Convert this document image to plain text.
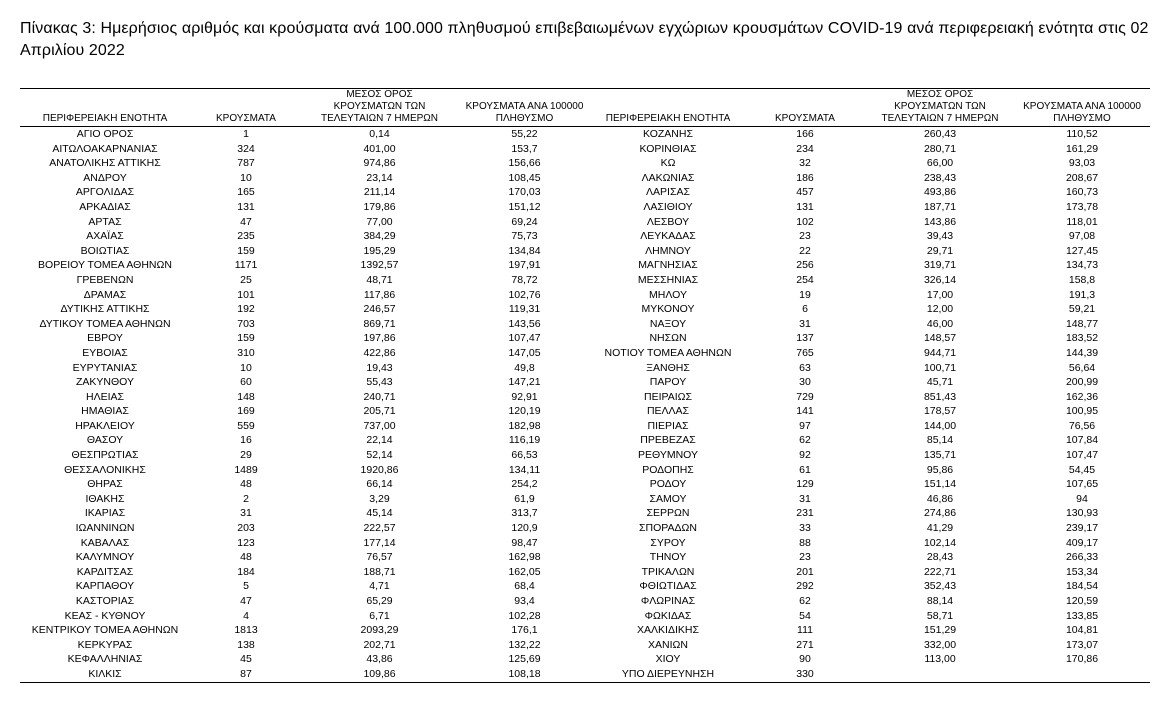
Πίνακας 3: Ημερήσιος αριθμός και κρούσματα ανά 100.000 πληθυσμού επιβεβαιωμένων εγχώριων κρουσμάτων COVID-19 ανά περιφερειακή ενότητα στις 02 Απριλίου 2022
ΠΕΡΙΦΕΡΕΙΑΚΗ ΕΝΟΤΗΤΑ	ΚΡΟΥΣΜΑΤΑ	ΜΕΣΟΣ ΟΡΟΣ
ΚΡΟΥΣΜΑΤΩΝ ΤΩΝ
ΤΕΛΕΥΤΑΙΩΝ 7 ΗΜΕΡΩΝ	ΚΡΟΥΣΜΑΤΑ ΑΝΑ 100000
ΠΛΗΘΥΣΜΟ	ΠΕΡΙΦΕΡΕΙΑΚΗ ΕΝΟΤΗΤΑ	ΚΡΟΥΣΜΑΤΑ	ΜΕΣΟΣ ΟΡΟΣ
ΚΡΟΥΣΜΑΤΩΝ ΤΩΝ
ΤΕΛΕΥΤΑΙΩΝ 7 ΗΜΕΡΩΝ	ΚΡΟΥΣΜΑΤΑ ΑΝΑ 100000
ΠΛΗΘΥΣΜΟ
ΑΓΙΟ ΟΡΟΣ	1	0,14	55,22	ΚΟΖΑΝΗΣ	166	260,43	110,52
ΑΙΤΩΛΟΑΚΑΡΝΑΝΙΑΣ	324	401,00	153,7	ΚΟΡΙΝΘΙΑΣ	234	280,71	161,29
ΑΝΑΤΟΛΙΚΗΣ ΑΤΤΙΚΗΣ	787	974,86	156,66	ΚΩ	32	66,00	93,03
ΑΝΔΡΟΥ	10	23,14	108,45	ΛΑΚΩΝΙΑΣ	186	238,43	208,67
ΑΡΓΟΛΙΔΑΣ	165	211,14	170,03	ΛΑΡΙΣΑΣ	457	493,86	160,73
ΑΡΚΑΔΙΑΣ	131	179,86	151,12	ΛΑΣΙΘΙΟΥ	131	187,71	173,78
ΑΡΤΑΣ	47	77,00	69,24	ΛΕΣΒΟΥ	102	143,86	118,01
ΑΧΑΪΑΣ	235	384,29	75,73	ΛΕΥΚΑΔΑΣ	23	39,43	97,08
ΒΟΙΩΤΙΑΣ	159	195,29	134,84	ΛΗΜΝΟΥ	22	29,71	127,45
ΒΟΡΕΙΟΥ ΤΟΜΕΑ ΑΘΗΝΩΝ	1171	1392,57	197,91	ΜΑΓΝΗΣΙΑΣ	256	319,71	134,73
ΓΡΕΒΕΝΩΝ	25	48,71	78,72	ΜΕΣΣΗΝΙΑΣ	254	326,14	158,8
ΔΡΑΜΑΣ	101	117,86	102,76	ΜΗΛΟΥ	19	17,00	191,3
ΔΥΤΙΚΗΣ ΑΤΤΙΚΗΣ	192	246,57	119,31	ΜΥΚΟΝΟΥ	6	12,00	59,21
ΔΥΤΙΚΟΥ ΤΟΜΕΑ ΑΘΗΝΩΝ	703	869,71	143,56	ΝΑΞΟΥ	31	46,00	148,77
ΕΒΡΟΥ	159	197,86	107,47	ΝΗΣΩΝ	137	148,57	183,52
ΕΥΒΟΙΑΣ	310	422,86	147,05	ΝΟΤΙΟΥ ΤΟΜΕΑ ΑΘΗΝΩΝ	765	944,71	144,39
ΕΥΡΥΤΑΝΙΑΣ	10	19,43	49,8	ΞΑΝΘΗΣ	63	100,71	56,64
ΖΑΚΥΝΘΟΥ	60	55,43	147,21	ΠΑΡΟΥ	30	45,71	200,99
ΗΛΕΙΑΣ	148	240,71	92,91	ΠΕΙΡΑΙΩΣ	729	851,43	162,36
ΗΜΑΘΙΑΣ	169	205,71	120,19	ΠΕΛΛΑΣ	141	178,57	100,95
ΗΡΑΚΛΕΙΟΥ	559	737,00	182,98	ΠΙΕΡΙΑΣ	97	144,00	76,56
ΘΑΣΟΥ	16	22,14	116,19	ΠΡΕΒΕΖΑΣ	62	85,14	107,84
ΘΕΣΠΡΩΤΙΑΣ	29	52,14	66,53	ΡΕΘΥΜΝΟΥ	92	135,71	107,47
ΘΕΣΣΑΛΟΝΙΚΗΣ	1489	1920,86	134,11	ΡΟΔΟΠΗΣ	61	95,86	54,45
ΘΗΡΑΣ	48	66,14	254,2	ΡΟΔΟΥ	129	151,14	107,65
ΙΘΑΚΗΣ	2	3,29	61,9	ΣΑΜΟΥ	31	46,86	94
ΙΚΑΡΙΑΣ	31	45,14	313,7	ΣΕΡΡΩΝ	231	274,86	130,93
ΙΩΑΝΝΙΝΩΝ	203	222,57	120,9	ΣΠΟΡΑΔΩΝ	33	41,29	239,17
ΚΑΒΑΛΑΣ	123	177,14	98,47	ΣΥΡΟΥ	88	102,14	409,17
ΚΑΛΥΜΝΟΥ	48	76,57	162,98	ΤΗΝΟΥ	23	28,43	266,33
ΚΑΡΔΙΤΣΑΣ	184	188,71	162,05	ΤΡΙΚΑΛΩΝ	201	222,71	153,34
ΚΑΡΠΑΘΟΥ	5	4,71	68,4	ΦΘΙΩΤΙΔΑΣ	292	352,43	184,54
ΚΑΣΤΟΡΙΑΣ	47	65,29	93,4	ΦΛΩΡΙΝΑΣ	62	88,14	120,59
ΚΕΑΣ - ΚΥΘΝΟΥ	4	6,71	102,28	ΦΩΚΙΔΑΣ	54	58,71	133,85
ΚΕΝΤΡΙΚΟΥ ΤΟΜΕΑ ΑΘΗΝΩΝ	1813	2093,29	176,1	ΧΑΛΚΙΔΙΚΗΣ	111	151,29	104,81
ΚΕΡΚΥΡΑΣ	138	202,71	132,22	ΧΑΝΙΩΝ	271	332,00	173,07
ΚΕΦΑΛΛΗΝΙΑΣ	45	43,86	125,69	ΧΙΟΥ	90	113,00	170,86
ΚΙΛΚΙΣ	87	109,86	108,18	ΥΠΟ ΔΙΕΡΕΥΝΗΣΗ	330		
